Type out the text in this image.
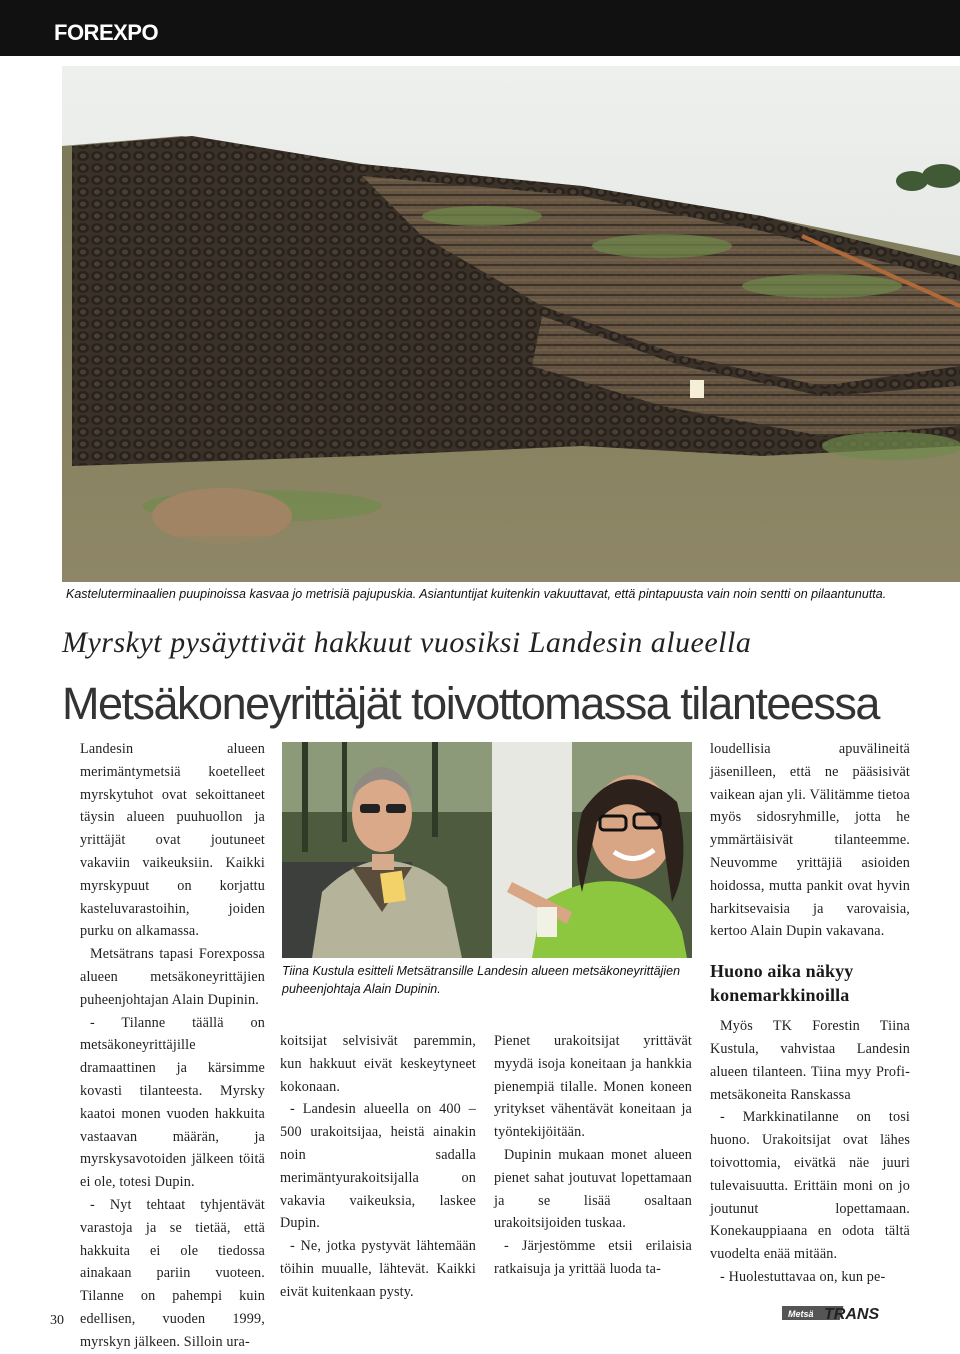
FOREXPO
Kasteluterminaalien puupinoissa kasvaa jo metrisiä pajupuskia. Asiantuntijat kuitenkin vakuuttavat, että pintapuusta vain noin sentti on pilaantunutta.
Myrskyt pysäyttivät hakkuut vuosiksi Landesin alueella
Metsäkoneyrittäjät toivottomassa tilanteessa

Landesin alueen merimäntymetsiä koetelleet myrskytuhot ovat sekoittaneet täysin alueen puuhuollon ja yrittäjät ovat joutuneet vakaviin vaikeuksiin. Kaikki myrskypuut on korjattu kasteluvarastoihin, joiden purku on alkamassa.

Metsätrans tapasi Forexpossa alueen metsäkoneyrittäjien puheenjohtajan Alain Dupinin.

- Tilanne täällä on metsäkoneyrittäjille dramaattinen ja kärsimme kovasti tilanteesta. Myrsky kaatoi monen vuoden hakkuita vastaavan määrän, ja myrskysavotoiden jälkeen töitä ei ole, totesi Dupin.

- Nyt tehtaat tyhjentävät varastoja ja se tietää, että hakkuita ei ole tiedossa ainakaan pariin vuoteen. Tilanne on pahempi kuin edellisen, vuoden 1999, myrskyn jälkeen. Silloin ura-

Tiina Kustula esitteli Metsätransille Landesin alueen metsäkoneyrittäjien puheenjohtaja Alain Dupinin.

koitsijat selvisivät paremmin, kun hakkuut eivät keskeytyneet kokonaan.

- Landesin alueella on 400 – 500 urakoitsijaa, heistä ainakin noin sadalla merimäntyurakoitsijalla on vakavia vaikeuksia, laskee Dupin.

- Ne, jotka pystyvät lähtemään töihin muualle, lähtevät. Kaikki eivät kuitenkaan pysty.

Pienet urakoitsijat yrittävät myydä isoja koneitaan ja hankkia pienempiä tilalle. Monen koneen yritykset vähentävät koneitaan ja työntekijöitään.

Dupinin mukaan monet alueen pienet sahat joutuvat lopettamaan ja se lisää osaltaan urakoitsijoiden tuskaa.

- Järjestömme etsii erilaisia ratkaisuja ja yrittää luoda ta-

loudellisia apuvälineitä jäsenilleen, että ne pääsisivät vaikean ajan yli. Välitämme tietoa myös sidosryhmille, jotta he ymmärtäisivät tilanteemme. Neuvomme yrittäjiä asioiden hoidossa, mutta pankit ovat hyvin harkitsevaisia ja varovaisia, kertoo Alain Dupin vakavana.

Huono aika näkyy konemarkkinoilla

Myös TK Forestin Tiina Kustula, vahvistaa Landesin alueen tilanteen. Tiina myy Profi-metsäkoneita Ranskassa

- Markkinatilanne on tosi huono. Urakoitsijat ovat lähes toivottomia, eivätkä näe juuri tulevaisuutta. Erittäin moni on jo joutunut lopettamaan. Konekauppiaana en odota tältä vuodelta enää mitään.

- Huolestuttavaa on, kun pe-

30	Metsä TRANS
